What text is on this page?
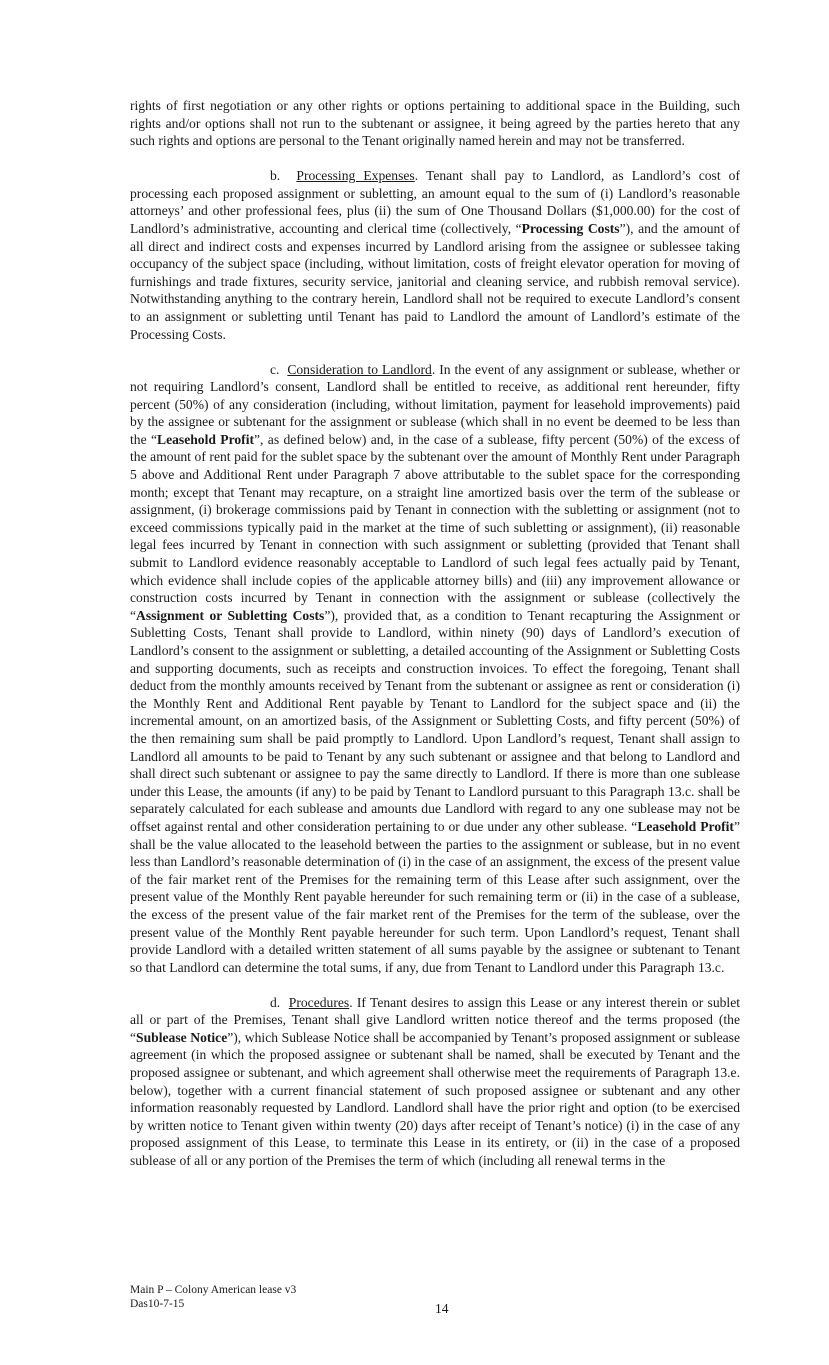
rights of first negotiation or any other rights or options pertaining to additional space in the Building, such rights and/or options shall not run to the subtenant or assignee, it being agreed by the parties hereto that any such rights and options are personal to the Tenant originally named herein and may not be transferred.

b. Processing Expenses. Tenant shall pay to Landlord, as Landlord’s cost of processing each proposed assignment or subletting, an amount equal to the sum of (i) Landlord’s reasonable attorneys’ and other professional fees, plus (ii) the sum of One Thousand Dollars ($1,000.00) for the cost of Landlord’s administrative, accounting and clerical time (collectively, “Processing Costs”), and the amount of all direct and indirect costs and expenses incurred by Landlord arising from the assignee or sublessee taking occupancy of the subject space (including, without limitation, costs of freight elevator operation for moving of furnishings and trade fixtures, security service, janitorial and cleaning service, and rubbish removal service). Notwithstanding anything to the contrary herein, Landlord shall not be required to execute Landlord’s consent to an assignment or subletting until Tenant has paid to Landlord the amount of Landlord’s estimate of the Processing Costs.

c. Consideration to Landlord. In the event of any assignment or sublease, whether or not requiring Landlord’s consent, Landlord shall be entitled to receive, as additional rent hereunder, fifty percent (50%) of any consideration (including, without limitation, payment for leasehold improvements) paid by the assignee or subtenant for the assignment or sublease (which shall in no event be deemed to be less than the “Leasehold Profit”, as defined below) and, in the case of a sublease, fifty percent (50%) of the excess of the amount of rent paid for the sublet space by the subtenant over the amount of Monthly Rent under Paragraph 5 above and Additional Rent under Paragraph 7 above attributable to the sublet space for the corresponding month; except that Tenant may recapture, on a straight line amortized basis over the term of the sublease or assignment, (i) brokerage commissions paid by Tenant in connection with the subletting or assignment (not to exceed commissions typically paid in the market at the time of such subletting or assignment), (ii) reasonable legal fees incurred by Tenant in connection with such assignment or subletting (provided that Tenant shall submit to Landlord evidence reasonably acceptable to Landlord of such legal fees actually paid by Tenant, which evidence shall include copies of the applicable attorney bills) and (iii) any improvement allowance or construction costs incurred by Tenant in connection with the assignment or sublease (collectively the “Assignment or Subletting Costs”), provided that, as a condition to Tenant recapturing the Assignment or Subletting Costs, Tenant shall provide to Landlord, within ninety (90) days of Landlord’s execution of Landlord’s consent to the assignment or subletting, a detailed accounting of the Assignment or Subletting Costs and supporting documents, such as receipts and construction invoices. To effect the foregoing, Tenant shall deduct from the monthly amounts received by Tenant from the subtenant or assignee as rent or consideration (i) the Monthly Rent and Additional Rent payable by Tenant to Landlord for the subject space and (ii) the incremental amount, on an amortized basis, of the Assignment or Subletting Costs, and fifty percent (50%) of the then remaining sum shall be paid promptly to Landlord. Upon Landlord’s request, Tenant shall assign to Landlord all amounts to be paid to Tenant by any such subtenant or assignee and that belong to Landlord and shall direct such subtenant or assignee to pay the same directly to Landlord. If there is more than one sublease under this Lease, the amounts (if any) to be paid by Tenant to Landlord pursuant to this Paragraph 13.c. shall be separately calculated for each sublease and amounts due Landlord with regard to any one sublease may not be offset against rental and other consideration pertaining to or due under any other sublease. “Leasehold Profit” shall be the value allocated to the leasehold between the parties to the assignment or sublease, but in no event less than Landlord’s reasonable determination of (i) in the case of an assignment, the excess of the present value of the fair market rent of the Premises for the remaining term of this Lease after such assignment, over the present value of the Monthly Rent payable hereunder for such remaining term or (ii) in the case of a sublease, the excess of the present value of the fair market rent of the Premises for the term of the sublease, over the present value of the Monthly Rent payable hereunder for such term. Upon Landlord’s request, Tenant shall provide Landlord with a detailed written statement of all sums payable by the assignee or subtenant to Tenant so that Landlord can determine the total sums, if any, due from Tenant to Landlord under this Paragraph 13.c.

d. Procedures. If Tenant desires to assign this Lease or any interest therein or sublet all or part of the Premises, Tenant shall give Landlord written notice thereof and the terms proposed (the “Sublease Notice”), which Sublease Notice shall be accompanied by Tenant’s proposed assignment or sublease agreement (in which the proposed assignee or subtenant shall be named, shall be executed by Tenant and the proposed assignee or subtenant, and which agreement shall otherwise meet the requirements of Paragraph 13.e. below), together with a current financial statement of such proposed assignee or subtenant and any other information reasonably requested by Landlord. Landlord shall have the prior right and option (to be exercised by written notice to Tenant given within twenty (20) days after receipt of Tenant’s notice) (i) in the case of any proposed assignment of this Lease, to terminate this Lease in its entirety, or (ii) in the case of a proposed sublease of all or any portion of the Premises the term of which (including all renewal terms in the

Main P – Colony American lease v3
Das10-7-15	14
